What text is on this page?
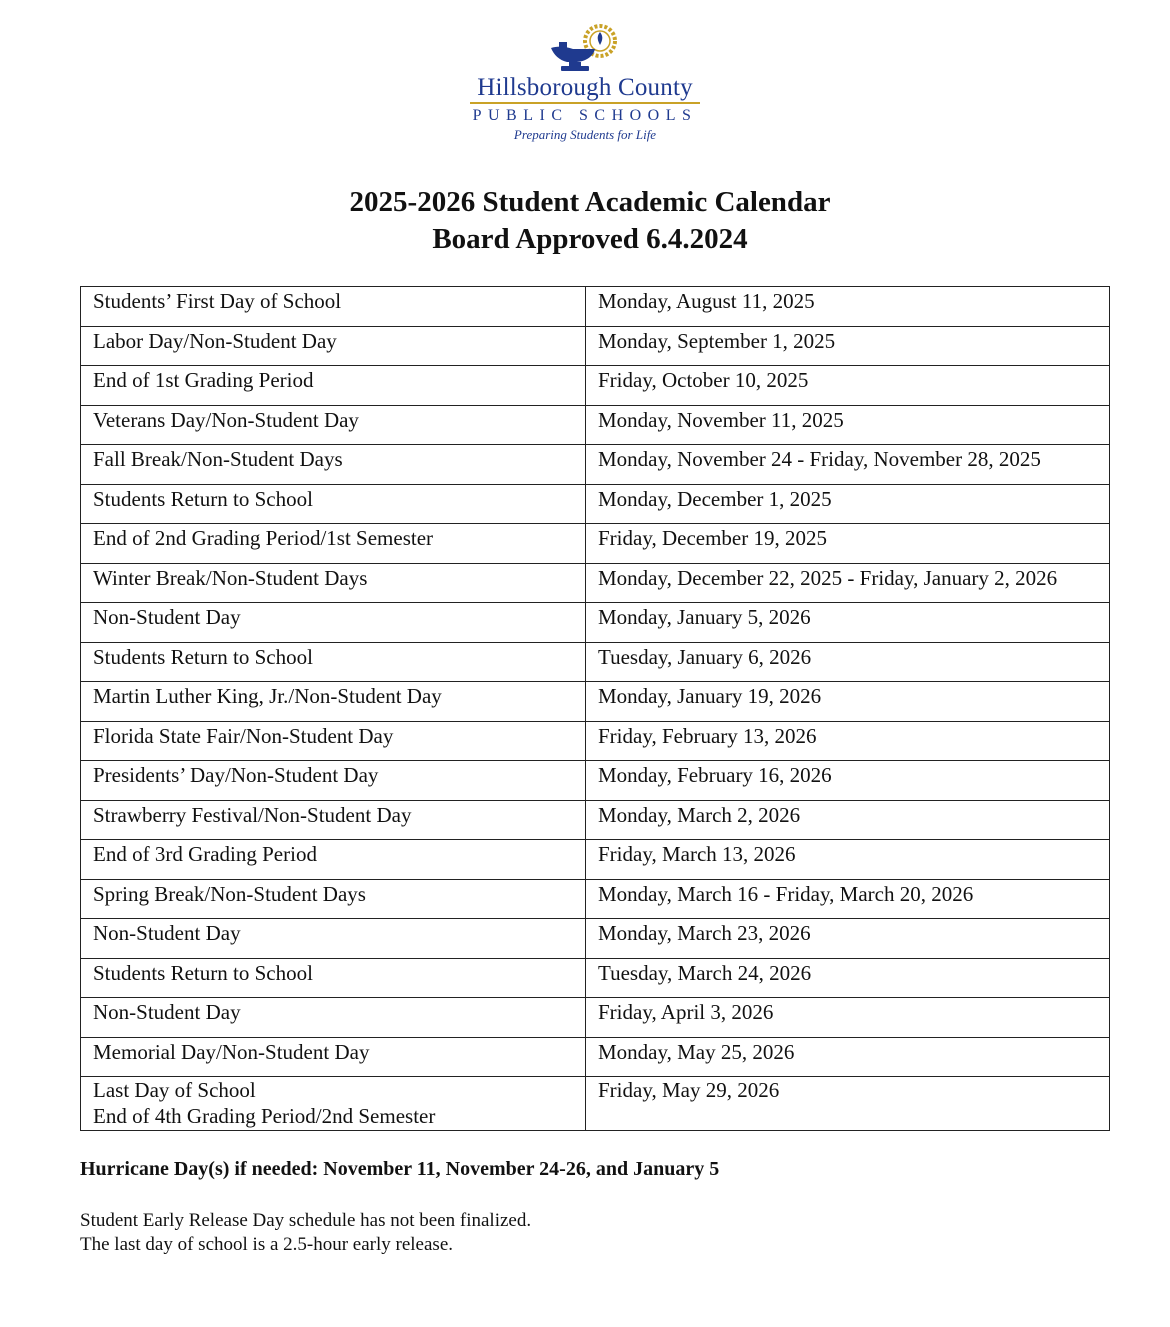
Hillsborough County
PUBLIC SCHOOLS
Preparing Students for Life
2025-2026 Student Academic Calendar
Board Approved 6.4.2024
Students’ First Day of School	Monday, August 11, 2025
Labor Day/Non-Student Day	Monday, September 1, 2025
End of 1st Grading Period	Friday, October 10, 2025
Veterans Day/Non-Student Day	Monday, November 11, 2025
Fall Break/Non-Student Days	Monday, November 24 - Friday, November 28, 2025
Students Return to School	Monday, December 1, 2025
End of 2nd Grading Period/1st Semester	Friday, December 19, 2025
Winter Break/Non-Student Days	Monday, December 22, 2025 - Friday, January 2, 2026
Non-Student Day	Monday, January 5, 2026
Students Return to School	Tuesday, January 6, 2026
Martin Luther King, Jr./Non-Student Day	Monday, January 19, 2026
Florida State Fair/Non-Student Day	Friday, February 13, 2026
Presidents’ Day/Non-Student Day	Monday, February 16, 2026
Strawberry Festival/Non-Student Day	Monday, March 2, 2026
End of 3rd Grading Period	Friday, March 13, 2026
Spring Break/Non-Student Days	Monday, March 16 - Friday, March 20, 2026
Non-Student Day	Monday, March 23, 2026
Students Return to School	Tuesday, March 24, 2026
Non-Student Day	Friday, April 3, 2026
Memorial Day/Non-Student Day	Monday, May 25, 2026

Last Day of School
End of 4th Grading Period/2nd Semester	Friday, May 29, 2026
Hurricane Day(s) if needed: November 11, November 24-26, and January 5
Student Early Release Day schedule has not been finalized.
The last day of school is a 2.5-hour early release.
